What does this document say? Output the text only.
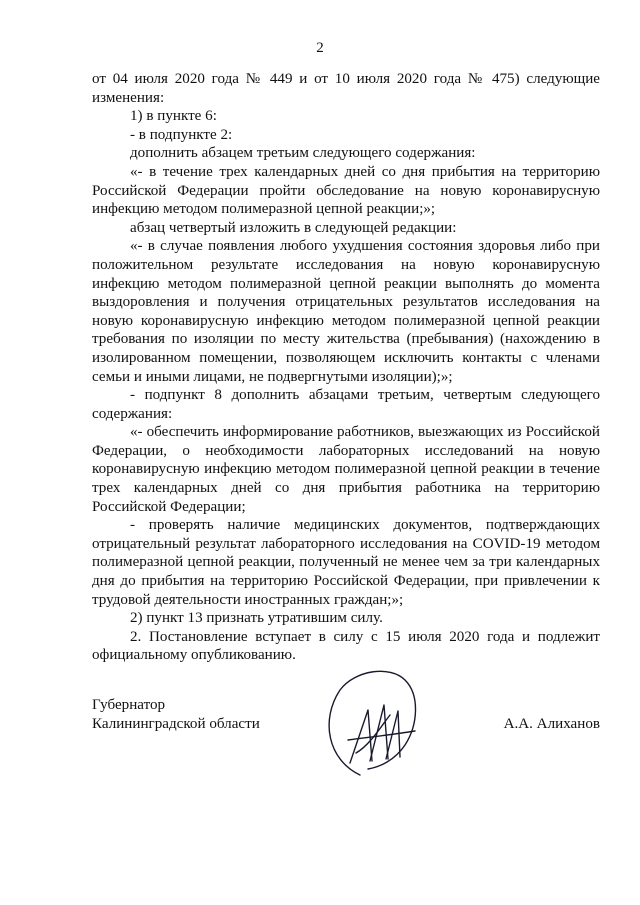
2

от 04 июля 2020 года № 449 и от 10 июля 2020 года № 475) следующие изменения:

1) в пункте 6:

- в подпункте 2:

дополнить абзацем третьим следующего содержания:

«- в течение трех календарных дней со дня прибытия на территорию Российской Федерации пройти обследование на новую коронавирусную инфекцию методом полимеразной цепной реакции;»;

абзац четвертый изложить в следующей редакции:

«- в случае появления любого ухудшения состояния здоровья либо при положительном результате исследования на новую коронавирусную инфекцию методом полимеразной цепной реакции выполнять до момента выздоровления и получения отрицательных результатов исследования на новую коронавирусную инфекцию методом полимеразной цепной реакции требования по изоляции по месту жительства (пребывания) (нахождению в изолированном помещении, позволяющем исключить контакты с членами семьи и иными лицами, не подвергнутыми изоляции);»;

- подпункт 8 дополнить абзацами третьим, четвертым следующего содержания:

«- обеспечить информирование работников, выезжающих из Российской Федерации, о необходимости лабораторных исследований на новую коронавирусную инфекцию методом полимеразной цепной реакции в течение трех календарных дней со дня прибытия работника на территорию Российской Федерации;

- проверять наличие медицинских документов, подтверждающих отрицательный результат лабораторного исследования на COVID-19 методом полимеразной цепной реакции, полученный не менее чем за три календарных дня до прибытия на территорию Российской Федерации, при привлечении к трудовой деятельности иностранных граждан;»;

2) пункт 13 признать утратившим силу.

2. Постановление вступает в силу с 15 июля 2020 года и подлежит официальному опубликованию.

Губернатор
Калининградской области	А.А. Алиханов
